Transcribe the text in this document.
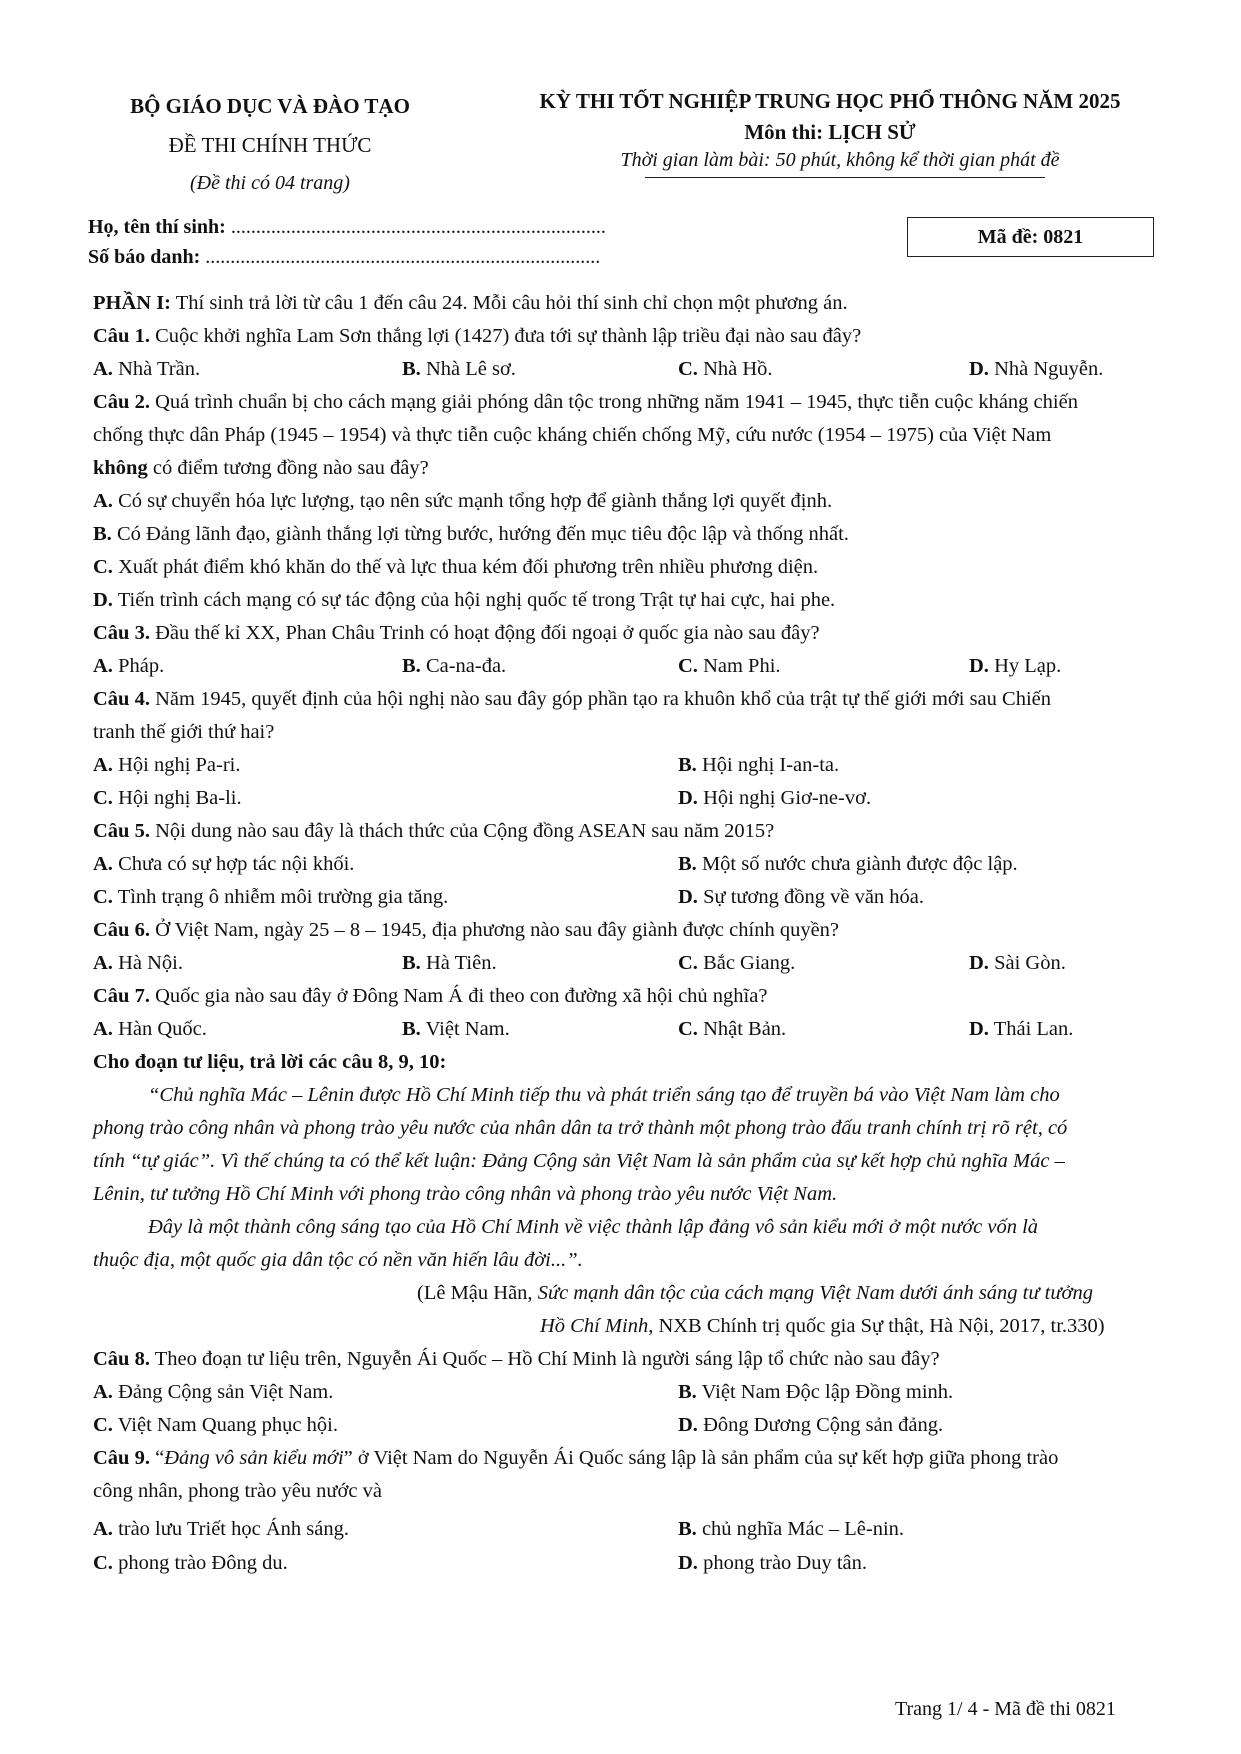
BỘ GIÁO DỤC VÀ ĐÀO TẠO
ĐỀ THI CHÍNH THỨC
(Đề thi có 04 trang)
KỲ THI TỐT NGHIỆP TRUNG HỌC PHỔ THÔNG NĂM 2025
Môn thi: LỊCH SỬ
Thời gian làm bài: 50 phút, không kể thời gian phát đề
Họ, tên thí sinh: ...........................................................................
Số báo danh: ...............................................................................
Mã đề: 0821
PHẦN I: Thí sinh trả lời từ câu 1 đến câu 24. Mỗi câu hỏi thí sinh chỉ chọn một phương án.
Câu 1. Cuộc khởi nghĩa Lam Sơn thắng lợi (1427) đưa tới sự thành lập triều đại nào sau đây?
A. Nhà Trần.	B. Nhà Lê sơ.	C. Nhà Hồ.	D. Nhà Nguyễn.
Câu 2. Quá trình chuẩn bị cho cách mạng giải phóng dân tộc trong những năm 1941 – 1945, thực tiễn cuộc kháng chiến
chống thực dân Pháp (1945 – 1954) và thực tiễn cuộc kháng chiến chống Mỹ, cứu nước (1954 – 1975) của Việt Nam
không có điểm tương đồng nào sau đây?
A. Có sự chuyển hóa lực lượng, tạo nên sức mạnh tổng hợp để giành thắng lợi quyết định.
B. Có Đảng lãnh đạo, giành thắng lợi từng bước, hướng đến mục tiêu độc lập và thống nhất.
C. Xuất phát điểm khó khăn do thế và lực thua kém đối phương trên nhiều phương diện.
D. Tiến trình cách mạng có sự tác động của hội nghị quốc tế trong Trật tự hai cực, hai phe.
Câu 3. Đầu thế kỉ XX, Phan Châu Trinh có hoạt động đối ngoại ở quốc gia nào sau đây?
A. Pháp.	B. Ca-na-đa.	C. Nam Phi.	D. Hy Lạp.
Câu 4. Năm 1945, quyết định của hội nghị nào sau đây góp phần tạo ra khuôn khổ của trật tự thế giới mới sau Chiến
tranh thế giới thứ hai?
A. Hội nghị Pa-ri.	B. Hội nghị I-an-ta.
C. Hội nghị Ba-li.	D. Hội nghị Giơ-ne-vơ.
Câu 5. Nội dung nào sau đây là thách thức của Cộng đồng ASEAN sau năm 2015?
A. Chưa có sự hợp tác nội khối.	B. Một số nước chưa giành được độc lập.
C. Tình trạng ô nhiễm môi trường gia tăng.	D. Sự tương đồng về văn hóa.
Câu 6. Ở Việt Nam, ngày 25 – 8 – 1945, địa phương nào sau đây giành được chính quyền?
A. Hà Nội.	B. Hà Tiên.	C. Bắc Giang.	D. Sài Gòn.
Câu 7. Quốc gia nào sau đây ở Đông Nam Á đi theo con đường xã hội chủ nghĩa?
A. Hàn Quốc.	B. Việt Nam.	C. Nhật Bản.	D. Thái Lan.
Cho đoạn tư liệu, trả lời các câu 8, 9, 10:
“Chủ nghĩa Mác – Lênin được Hồ Chí Minh tiếp thu và phát triển sáng tạo để truyền bá vào Việt Nam làm cho
phong trào công nhân và phong trào yêu nước của nhân dân ta trở thành một phong trào đấu tranh chính trị rõ rệt, có
tính “tự giác”. Vì thế chúng ta có thể kết luận: Đảng Cộng sản Việt Nam là sản phẩm của sự kết hợp chủ nghĩa Mác –
Lênin, tư tưởng Hồ Chí Minh với phong trào công nhân và phong trào yêu nước Việt Nam.
Đây là một thành công sáng tạo của Hồ Chí Minh về việc thành lập đảng vô sản kiểu mới ở một nước vốn là
thuộc địa, một quốc gia dân tộc có nền văn hiến lâu đời...”.
(Lê Mậu Hãn, Sức mạnh dân tộc của cách mạng Việt Nam dưới ánh sáng tư tưởng
Hồ Chí Minh, NXB Chính trị quốc gia Sự thật, Hà Nội, 2017, tr.330)
Câu 8. Theo đoạn tư liệu trên, Nguyễn Ái Quốc – Hồ Chí Minh là người sáng lập tổ chức nào sau đây?
A. Đảng Cộng sản Việt Nam.	B. Việt Nam Độc lập Đồng minh.
C. Việt Nam Quang phục hội.	D. Đông Dương Cộng sản đảng.
Câu 9. “Đảng vô sản kiểu mới” ở Việt Nam do Nguyễn Ái Quốc sáng lập là sản phẩm của sự kết hợp giữa phong trào
công nhân, phong trào yêu nước và
A. trào lưu Triết học Ánh sáng.	B. chủ nghĩa Mác – Lê-nin.
C. phong trào Đông du.	D. phong trào Duy tân.
Trang 1/ 4 - Mã đề thi 0821
